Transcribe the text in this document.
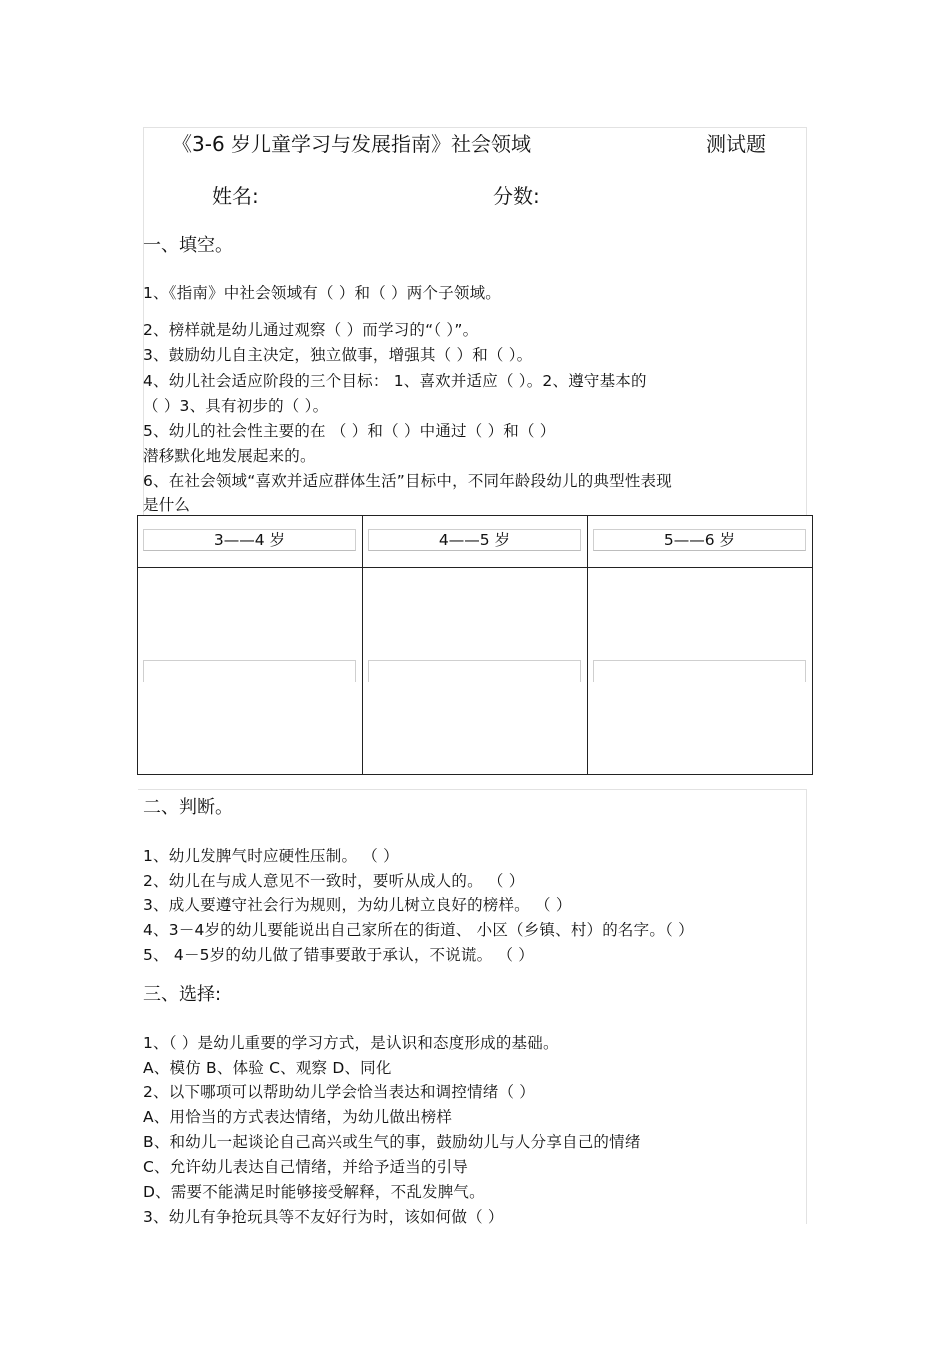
《3-6 岁儿童学习与发展指南》社会领域	测试题
姓名:	分数:
一、填空。
1、《指南》中社会领域有（ ）和（ ）两个子领域。
2、榜样就是幼儿通过观察（ ）而学习的“（ ）”。
3、鼓励幼儿自主决定，独立做事，增强其（ ）和（ ）。
4、幼儿社会适应阶段的三个目标： 1、喜欢并适应（ ）。2、遵守基本的
（ ）3、具有初步的（ ）。
5、幼儿的社会性主要的在 （ ）和（ ）中通过（ ）和（ ）
潜移默化地发展起来的。
6、在社会领域“喜欢并适应群体生活”目标中，不同年龄段幼儿的典型性表现
是什么
3——4 岁	4——5 岁	5——6 岁
二、判断。
1、幼儿发脾气时应硬性压制。 （ ）
2、幼儿在与成人意见不一致时，要听从成人的。 （ ）
3、成人要遵守社会行为规则，为幼儿树立良好的榜样。 （ ）
4、3－4岁的幼儿要能说出自己家所在的街道、 小区（乡镇、村）的名字。（ ）
5、 4－5岁的幼儿做了错事要敢于承认，不说谎。 （ ）
三、选择:
1、（ ）是幼儿重要的学习方式，是认识和态度形成的基础。
A、模仿 B、体验 C、观察 D、同化
2、以下哪项可以帮助幼儿学会恰当表达和调控情绪（ ）
A、用恰当的方式表达情绪，为幼儿做出榜样
B、和幼儿一起谈论自己高兴或生气的事，鼓励幼儿与人分享自己的情绪
C、允许幼儿表达自己情绪，并给予适当的引导
D、需要不能满足时能够接受解释，不乱发脾气。
3、幼儿有争抢玩具等不友好行为时，该如何做（ ）
